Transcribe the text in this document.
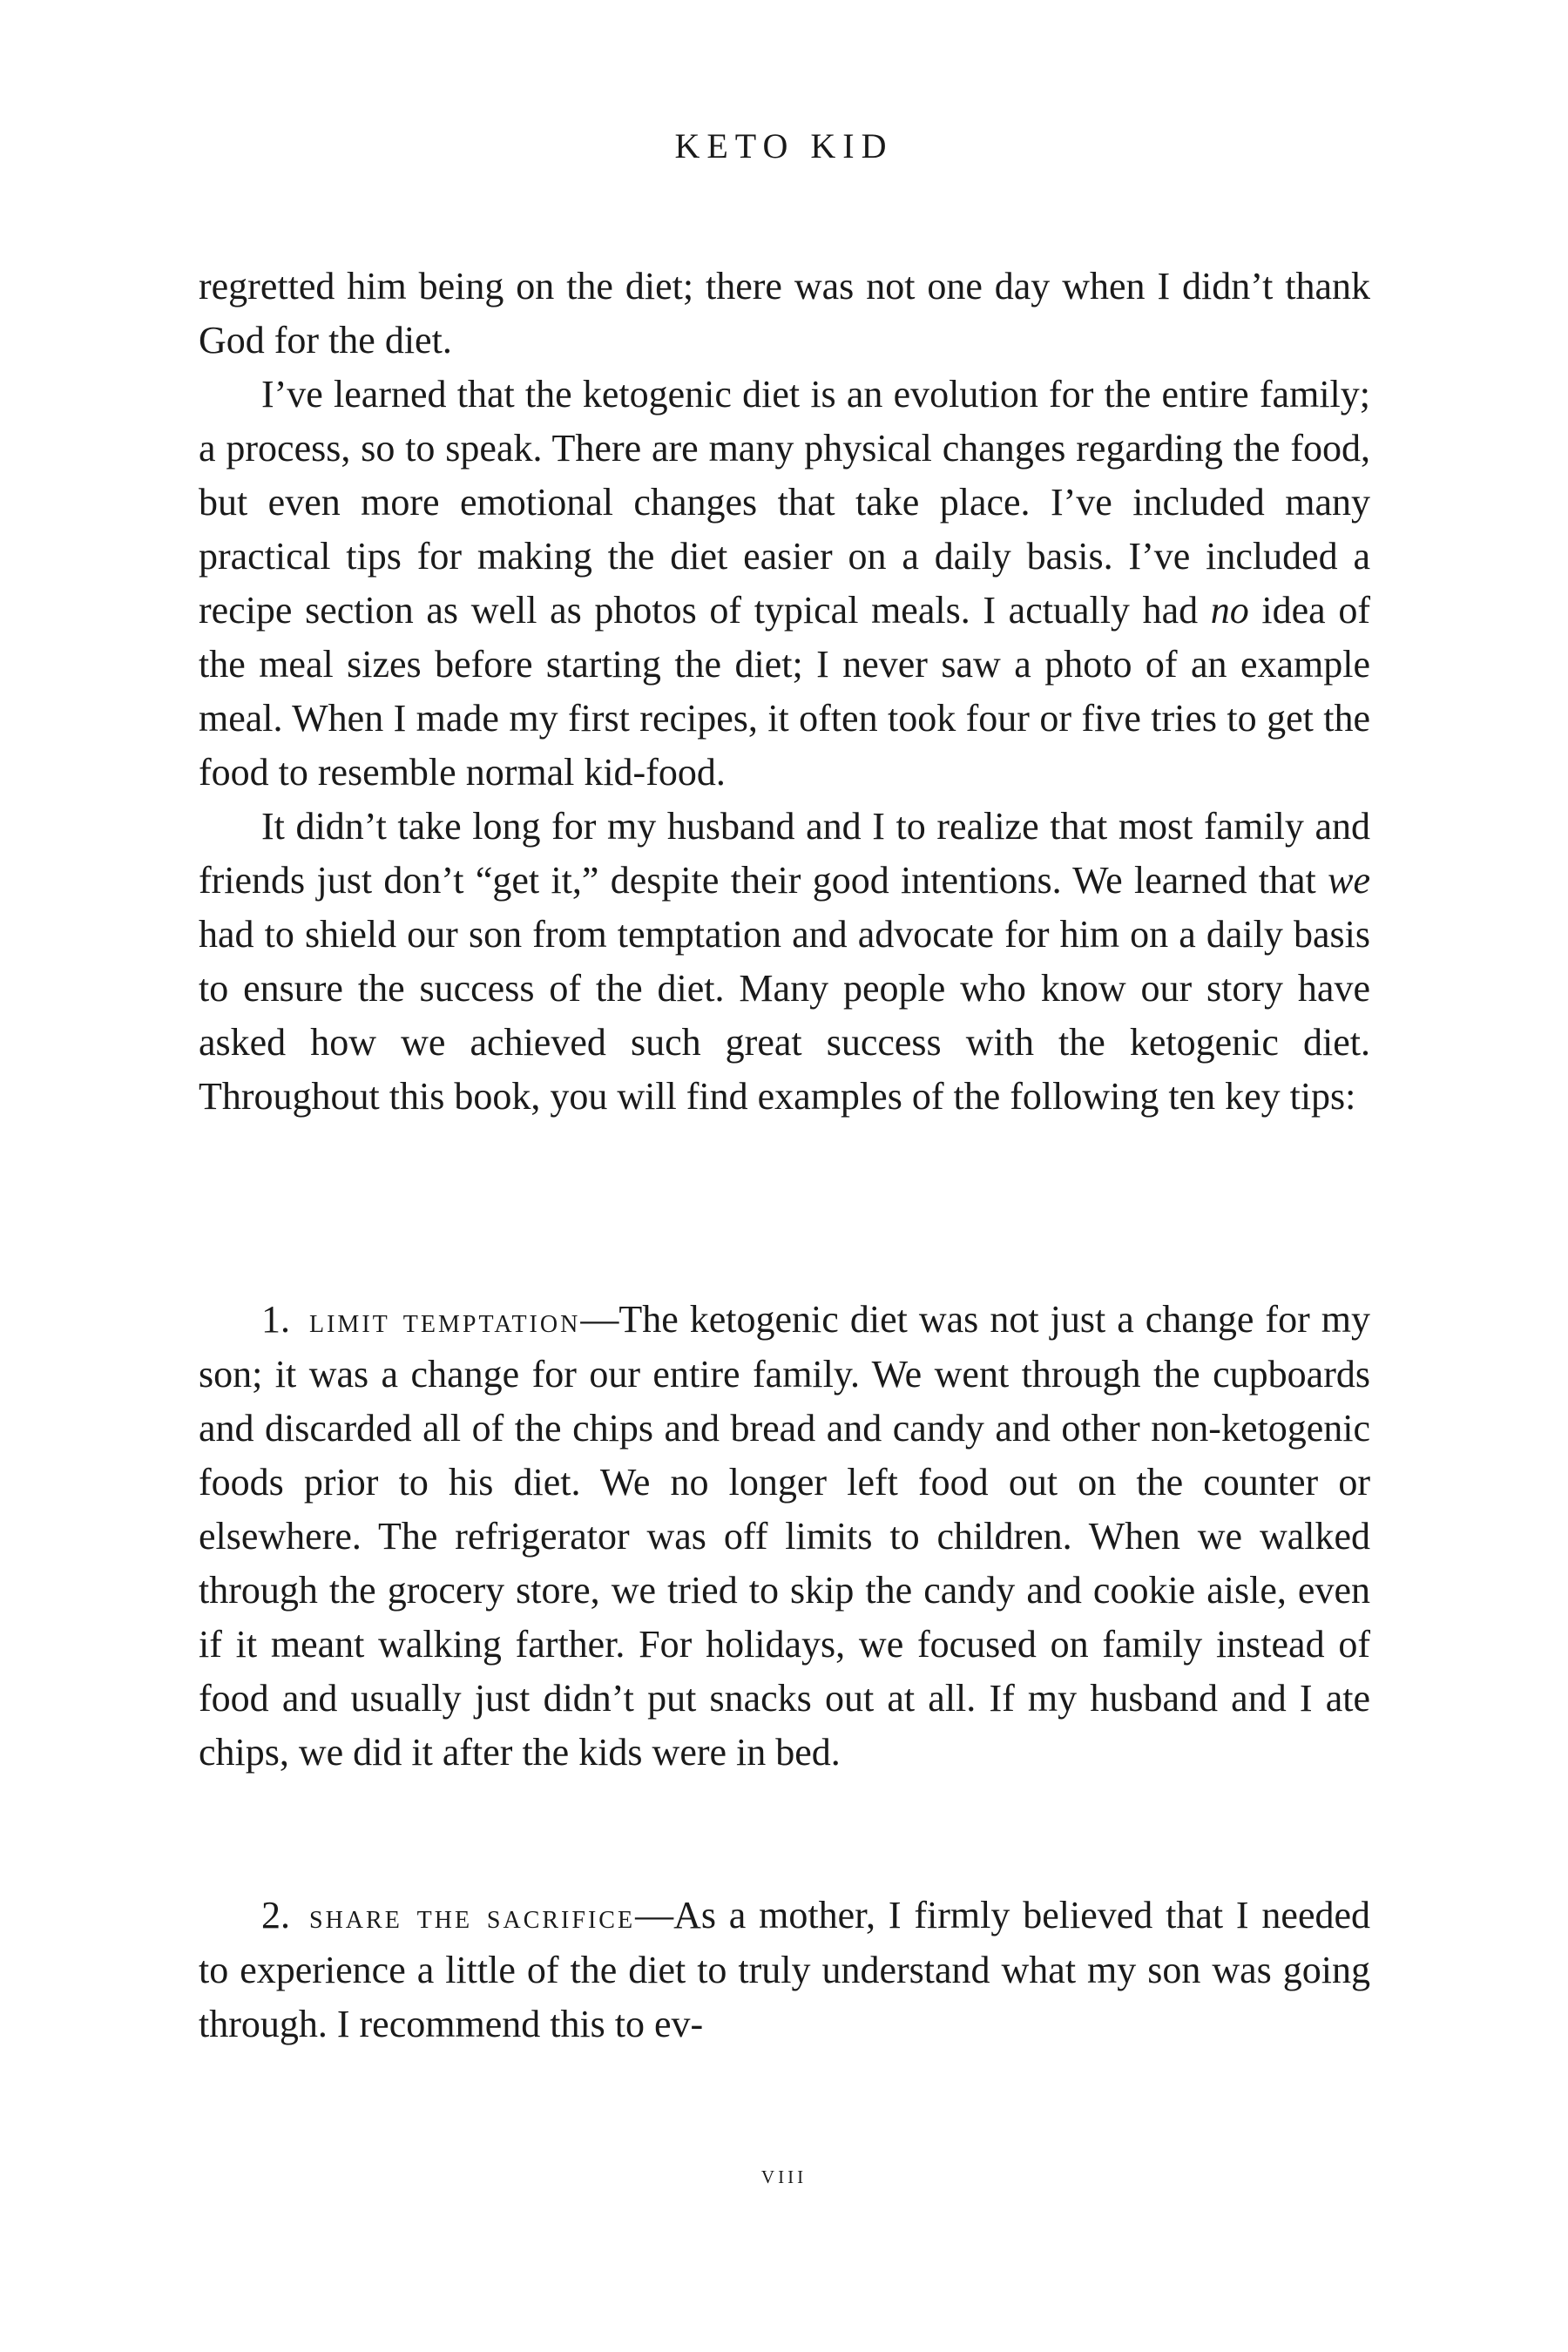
KETO KID

regretted him being on the diet; there was not one day when I didn’t thank God for the diet.

I’ve learned that the ketogenic diet is an evolution for the entire family; a process, so to speak. There are many physical changes regarding the food, but even more emotional changes that take place. I’ve included many practical tips for making the diet easier on a daily basis. I’ve included a recipe section as well as photos of typical meals. I actually had no idea of the meal sizes before starting the diet; I never saw a photo of an example meal. When I made my first recipes, it often took four or five tries to get the food to resemble normal kid-food.

It didn’t take long for my husband and I to realize that most family and friends just don’t “get it,” despite their good intentions. We learned that we had to shield our son from temptation and advocate for him on a daily basis to ensure the success of the diet. Many people who know our story have asked how we achieved such great success with the ketogenic diet. Throughout this book, you will find examples of the following ten key tips:

1. limit temptation—The ketogenic diet was not just a change for my son; it was a change for our entire family. We went through the cupboards and discarded all of the chips and bread and candy and other non-ketogenic foods prior to his diet. We no longer left food out on the counter or elsewhere. The refrigerator was off limits to children. When we walked through the grocery store, we tried to skip the candy and cookie aisle, even if it meant walking farther. For holidays, we focused on family instead of food and usually just didn’t put snacks out at all. If my husband and I ate chips, we did it after the kids were in bed.

2. share the sacrifice—As a mother, I firmly believed that I needed to experience a little of the diet to truly understand what my son was going through. I recommend this to ev-

viii
